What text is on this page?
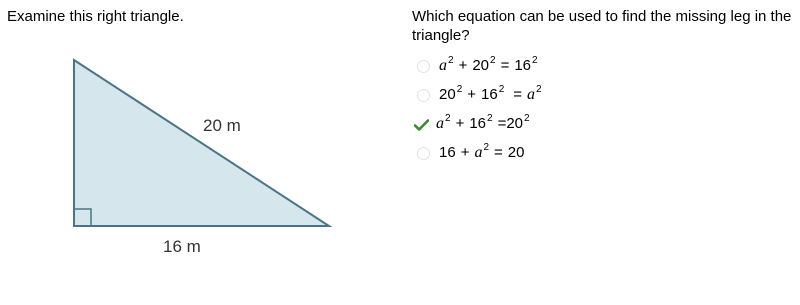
Examine this right triangle.
20 m
16 m
Which equation can be used to find the missing leg in the triangle?
a 2 + 20 2 = 16 2
20 2 + 16 2 = a 2
a 2 + 16 2 = 20 2
16 + a 2 = 20
